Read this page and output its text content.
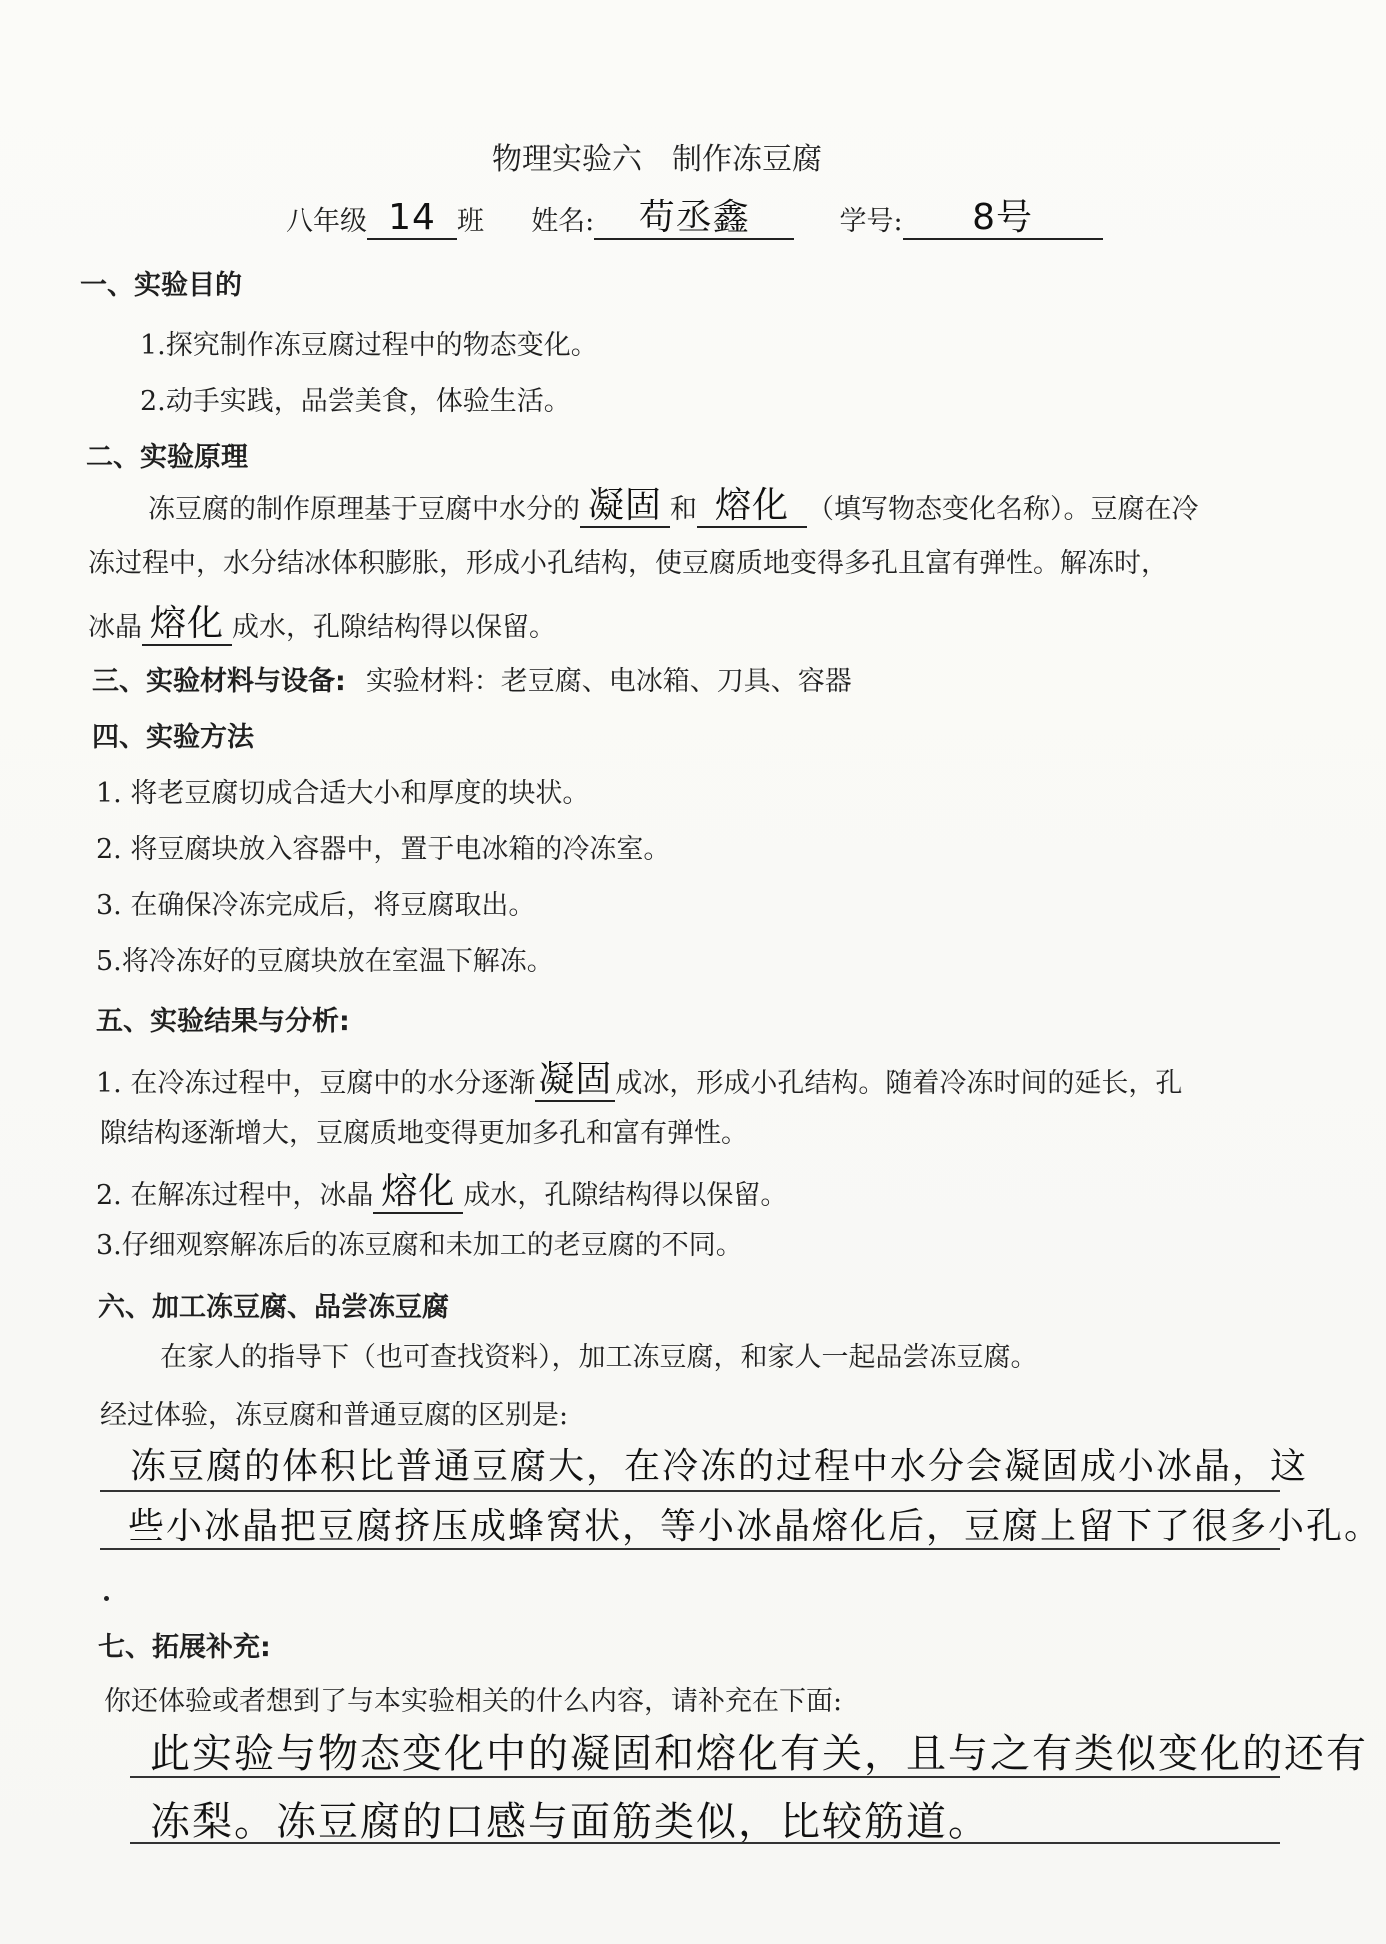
物理实验六　制作冻豆腐
八年级 14 班 姓名: 苟丞鑫	学号: 8号
一、实验目的
1.探究制作冻豆腐过程中的物态变化。
2.动手实践，品尝美食，体验生活。
二、实验原理
冻豆腐的制作原理基于豆腐中水分的 凝固 和 熔化 （填写物态变化名称）。豆腐在冷
冻过程中，水分结冰体积膨胀，形成小孔结构，使豆腐质地变得多孔且富有弹性。解冻时，
冰晶 熔化 成水，孔隙结构得以保留。
三、实验材料与设备: 实验材料：老豆腐、电冰箱、刀具、容器
四、实验方法
1. 将老豆腐切成合适大小和厚度的块状。
2. 将豆腐块放入容器中，置于电冰箱的冷冻室。
3. 在确保冷冻完成后，将豆腐取出。
5.将冷冻好的豆腐块放在室温下解冻。
五、实验结果与分析:
1. 在冷冻过程中，豆腐中的水分逐渐凝固 成冰，形成小孔结构。随着冷冻时间的延长，孔
隙结构逐渐增大，豆腐质地变得更加多孔和富有弹性。
2. 在解冻过程中，冰晶 熔化 成水，孔隙结构得以保留。
3.仔细观察解冻后的冻豆腐和未加工的老豆腐的不同。
六、加工冻豆腐、品尝冻豆腐
在家人的指导下（也可查找资料），加工冻豆腐，和家人一起品尝冻豆腐。
经过体验，冻豆腐和普通豆腐的区别是:
冻豆腐的体积比普通豆腐大，在冷冻的过程中水分会凝固成小冰晶，这
些小冰晶把豆腐挤压成蜂窝状，等小冰晶熔化后，豆腐上留下了很多小孔。
七、拓展补充:
你还体验或者想到了与本实验相关的什么内容，请补充在下面:
此实验与物态变化中的凝固和熔化有关，且与之有类似变化的还有
冻梨。冻豆腐的口感与面筋类似，比较筋道。
